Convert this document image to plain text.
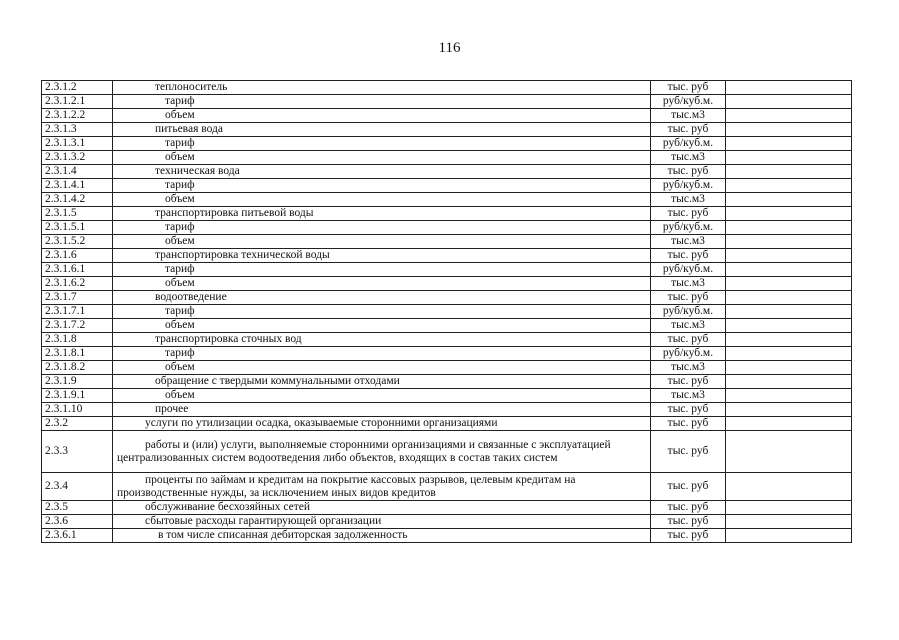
116
2.3.1.2	теплоноситель	тыс. руб	
2.3.1.2.1	тариф	руб/куб.м.	
2.3.1.2.2	объем	тыс.м3	
2.3.1.3	питьевая вода	тыс. руб	
2.3.1.3.1	тариф	руб/куб.м.	
2.3.1.3.2	объем	тыс.м3	
2.3.1.4	техническая вода	тыс. руб	
2.3.1.4.1	тариф	руб/куб.м.	
2.3.1.4.2	объем	тыс.м3	
2.3.1.5	транспортировка питьевой воды	тыс. руб	
2.3.1.5.1	тариф	руб/куб.м.	
2.3.1.5.2	объем	тыс.м3	
2.3.1.6	транспортировка технической воды	тыс. руб	
2.3.1.6.1	тариф	руб/куб.м.	
2.3.1.6.2	объем	тыс.м3	
2.3.1.7	водоотведение	тыс. руб	
2.3.1.7.1	тариф	руб/куб.м.	
2.3.1.7.2	объем	тыс.м3	
2.3.1.8	транспортировка сточных вод	тыс. руб	
2.3.1.8.1	тариф	руб/куб.м.	
2.3.1.8.2	объем	тыс.м3	
2.3.1.9	обращение с твердыми коммунальными отходами	тыс. руб	
2.3.1.9.1	объем	тыс.м3	
2.3.1.10	прочее	тыс. руб	
2.3.2	услуги по утилизации осадка, оказываемые сторонними организациями	тыс. руб	
2.3.3	работы и (или) услуги, выполняемые сторонними организациями и связанные с эксплуатацией централизованных систем водоотведения либо объектов, входящих в состав таких систем	тыс. руб	
2.3.4	проценты по займам и кредитам на покрытие кассовых разрывов, целевым кредитам на производственные нужды, за исключением иных видов кредитов	тыс. руб	
2.3.5	обслуживание бесхозяйных сетей	тыс. руб	
2.3.6	сбытовые расходы гарантирующей организации	тыс. руб	
2.3.6.1	в том числе списанная дебиторская задолженность	тыс. руб	
